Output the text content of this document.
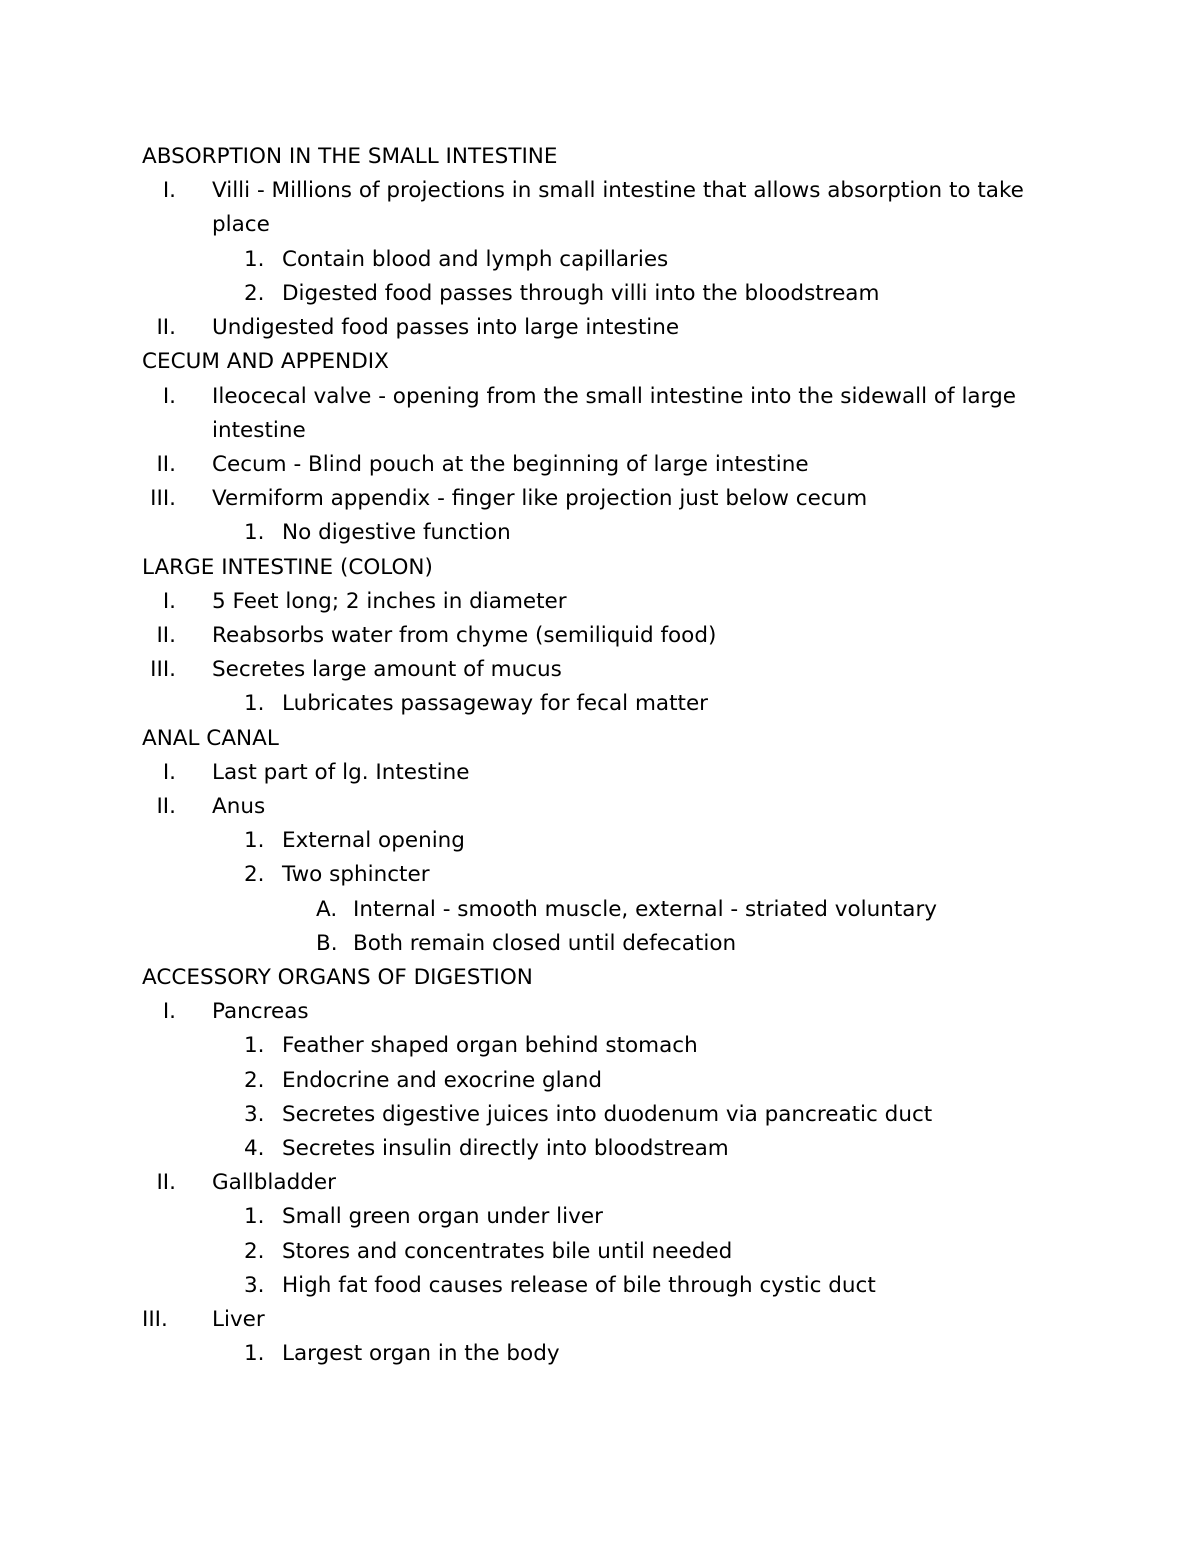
ABSORPTION IN THE SMALL INTESTINE
I. Villi - Millions of projections in small intestine that allows absorption to take
place
1. Contain blood and lymph capillaries
2. Digested food passes through villi into the bloodstream
II. Undigested food passes into large intestine
CECUM AND APPENDIX
I. Ileocecal valve - opening from the small intestine into the sidewall of large
intestine
II. Cecum - Blind pouch at the beginning of large intestine
III. Vermiform appendix - finger like projection just below cecum
1. No digestive function
LARGE INTESTINE (COLON)
I. 5 Feet long; 2 inches in diameter
II. Reabsorbs water from chyme (semiliquid food)
III. Secretes large amount of mucus
1. Lubricates passageway for fecal matter
ANAL CANAL
I. Last part of lg. Intestine
II. Anus
1. External opening
2. Two sphincter
A. Internal - smooth muscle, external - striated voluntary
B. Both remain closed until defecation
ACCESSORY ORGANS OF DIGESTION
I. Pancreas
1. Feather shaped organ behind stomach
2. Endocrine and exocrine gland
3. Secretes digestive juices into duodenum via pancreatic duct
4. Secretes insulin directly into bloodstream
II. Gallbladder
1. Small green organ under liver
2. Stores and concentrates bile until needed
3. High fat food causes release of bile through cystic duct
III.	Liver
1. Largest organ in the body
